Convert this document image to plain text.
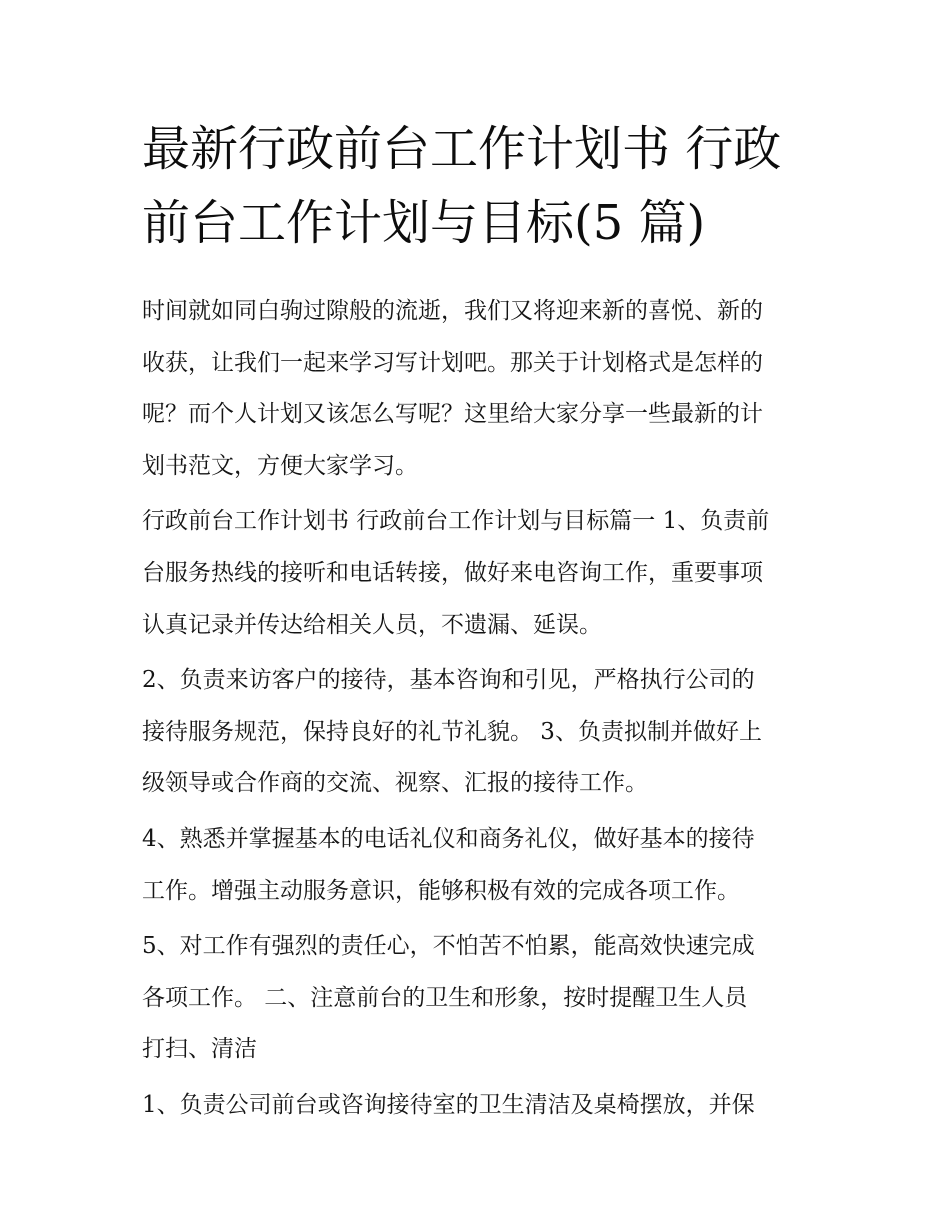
最新行政前台工作计划书 行政
前台工作计划与目标(5 篇)
时间就如同白驹过隙般的流逝，我们又将迎来新的喜悦、新的
收获，让我们一起来学习写计划吧。那关于计划格式是怎样的
呢？而个人计划又该怎么写呢？这里给大家分享一些最新的计
划书范文，方便大家学习。
行政前台工作计划书 行政前台工作计划与目标篇一 1、负责前
台服务热线的接听和电话转接，做好来电咨询工作，重要事项
认真记录并传达给相关人员，不遗漏、延误。
2、负责来访客户的接待，基本咨询和引见，严格执行公司的
接待服务规范，保持良好的礼节礼貌。 3、负责拟制并做好上
级领导或合作商的交流、视察、汇报的接待工作。
4、熟悉并掌握基本的电话礼仪和商务礼仪，做好基本的接待
工作。增强主动服务意识，能够积极有效的完成各项工作。
5、对工作有强烈的责任心，不怕苦不怕累，能高效快速完成
各项工作。 二、注意前台的卫生和形象，按时提醒卫生人员
打扫、清洁
1、负责公司前台或咨询接待室的卫生清洁及桌椅摆放，并保
